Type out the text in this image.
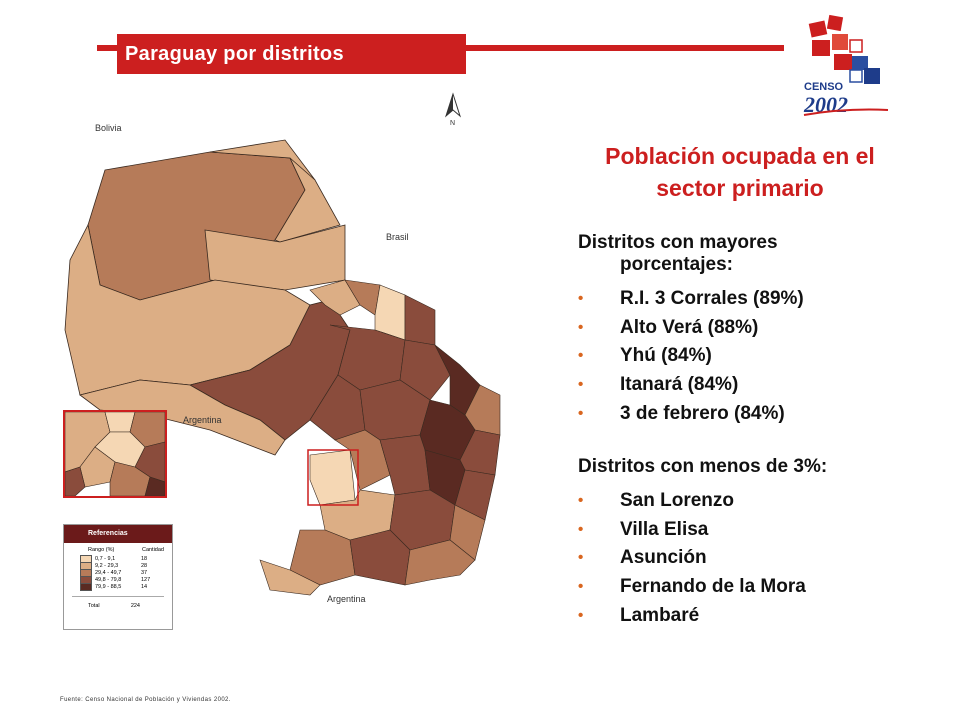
Paraguay por distritos
CENSO
2002
N
Bolivia
Brasil
Argentina
Argentina
Referencias
Rango (%)	Cantidad
0,7 - 9,1	18
9,2 - 29,3	28
29,4 - 49,7	37
49,8 - 79,8	127
79,9 - 88,5	14
Total	224
Población ocupada en el
sector primario
Distritos con mayores
porcentajes:
• R.I. 3 Corrales (89%)
• Alto Verá (88%)
• Yhú (84%)
• Itanará (84%)
• 3 de febrero (84%)
Distritos con menos de 3%:
• San Lorenzo
• Villa Elisa
• Asunción
• Fernando de la Mora
• Lambaré
Fuente: Censo Nacional de Población y Viviendas 2002.
